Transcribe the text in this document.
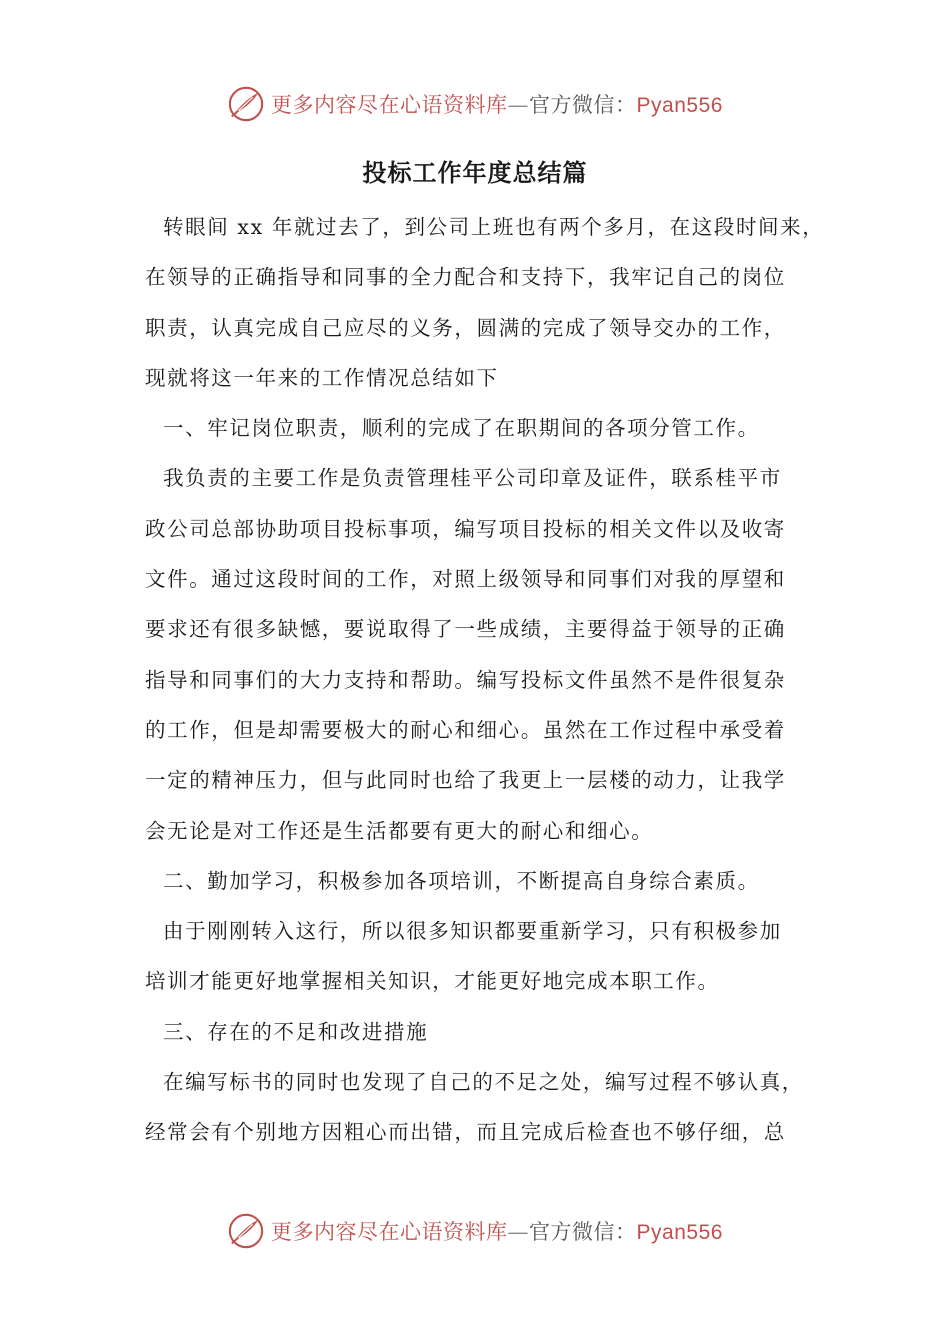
更多内容尽在心语资料库—官方微信：Pyan556
投标工作年度总结篇
转眼间 xx 年就过去了，到公司上班也有两个多月，在这段时间来，
在领导的正确指导和同事的全力配合和支持下，我牢记自己的岗位
职责，认真完成自己应尽的义务，圆满的完成了领导交办的工作，
现就将这一年来的工作情况总结如下
一、牢记岗位职责，顺利的完成了在职期间的各项分管工作。
我负责的主要工作是负责管理桂平公司印章及证件，联系桂平市
政公司总部协助项目投标事项，编写项目投标的相关文件以及收寄
文件。通过这段时间的工作，对照上级领导和同事们对我的厚望和
要求还有很多缺憾，要说取得了一些成绩，主要得益于领导的正确
指导和同事们的大力支持和帮助。编写投标文件虽然不是件很复杂
的工作，但是却需要极大的耐心和细心。虽然在工作过程中承受着
一定的精神压力，但与此同时也给了我更上一层楼的动力，让我学
会无论是对工作还是生活都要有更大的耐心和细心。
二、勤加学习，积极参加各项培训，不断提高自身综合素质。
由于刚刚转入这行，所以很多知识都要重新学习，只有积极参加
培训才能更好地掌握相关知识，才能更好地完成本职工作。
三、存在的不足和改进措施
在编写标书的同时也发现了自己的不足之处，编写过程不够认真，
经常会有个别地方因粗心而出错，而且完成后检查也不够仔细，总
更多内容尽在心语资料库—官方微信：Pyan556
